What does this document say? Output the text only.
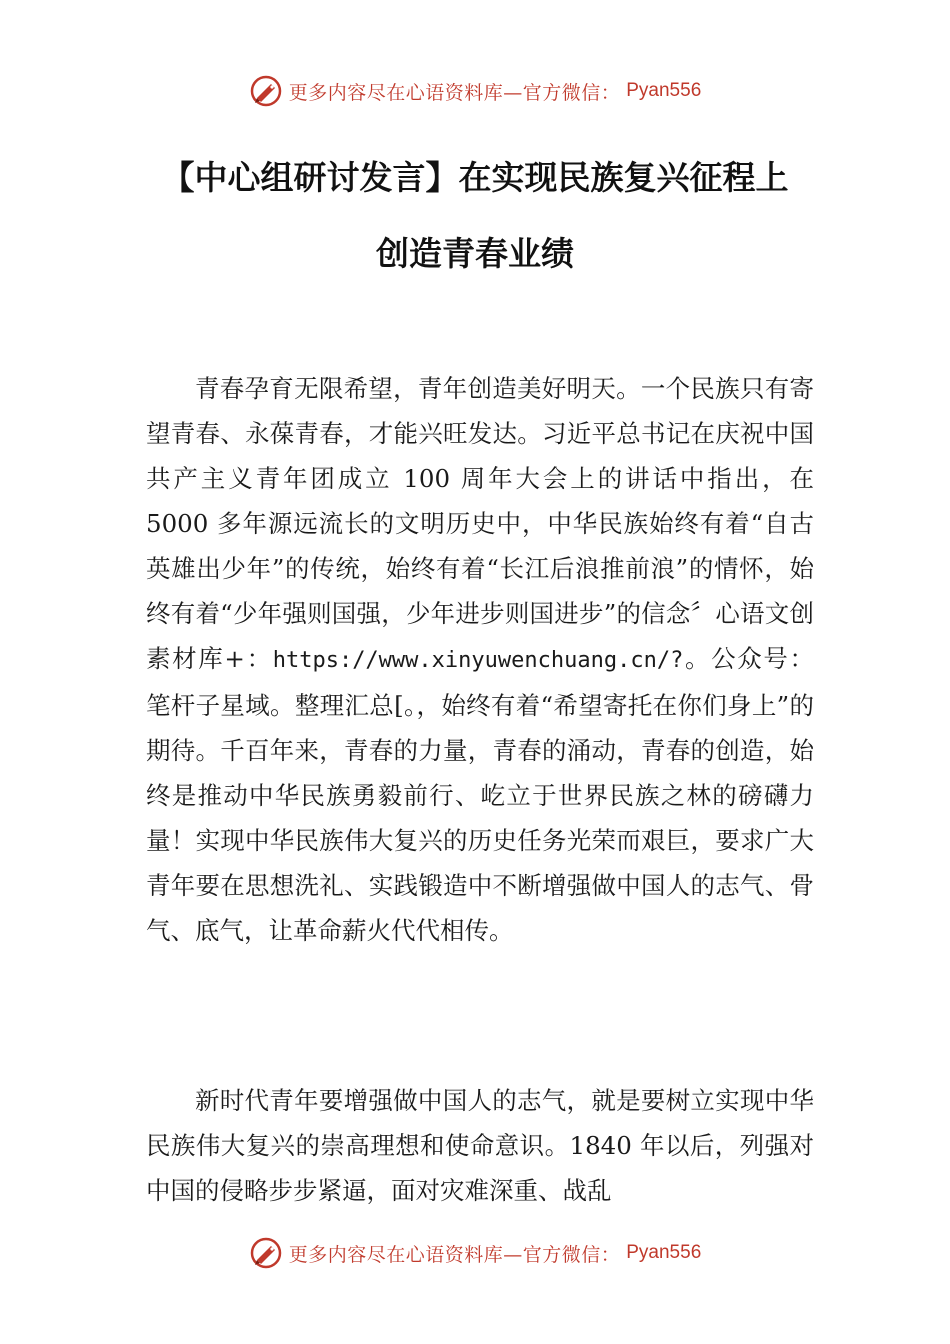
更多内容尽在心语资料库—官方微信： Pyan556
【中心组研讨发言】在实现民族复兴征程上
创造青春业绩

青春孕育无限希望，青年创造美好明天。一个民族只有寄望青春、永葆青春，才能兴旺发达。习近平总书记在庆祝中国共产主义青年团成立 100 周年大会上的讲话中指出，在 5000 多年源远流长的文明历史中，中华民族始终有着“自古英雄出少年”的传统，始终有着“长江后浪推前浪”的情怀，始终有着“少年强则国强，少年进步则国进步”的信念〞心语文创素材库+：https://www.xinyuwenchuang.cn/?。公众号：笔杆子星域。整理汇总[。，始终有着“希望寄托在你们身上”的期待。千百年来，青春的力量，青春的涌动，青春的创造，始终是推动中华民族勇毅前行、屹立于世界民族之林的磅礴力量！实现中华民族伟大复兴的历史任务光荣而艰巨，要求广大青年要在思想洗礼、实践锻造中不断增强做中国人的志气、骨气、底气，让革命薪火代代相传。

新时代青年要增强做中国人的志气，就是要树立实现中华民族伟大复兴的崇高理想和使命意识。1840 年以后，列强对中国的侵略步步紧逼，面对灾难深重、战乱

更多内容尽在心语资料库—官方微信： Pyan556
